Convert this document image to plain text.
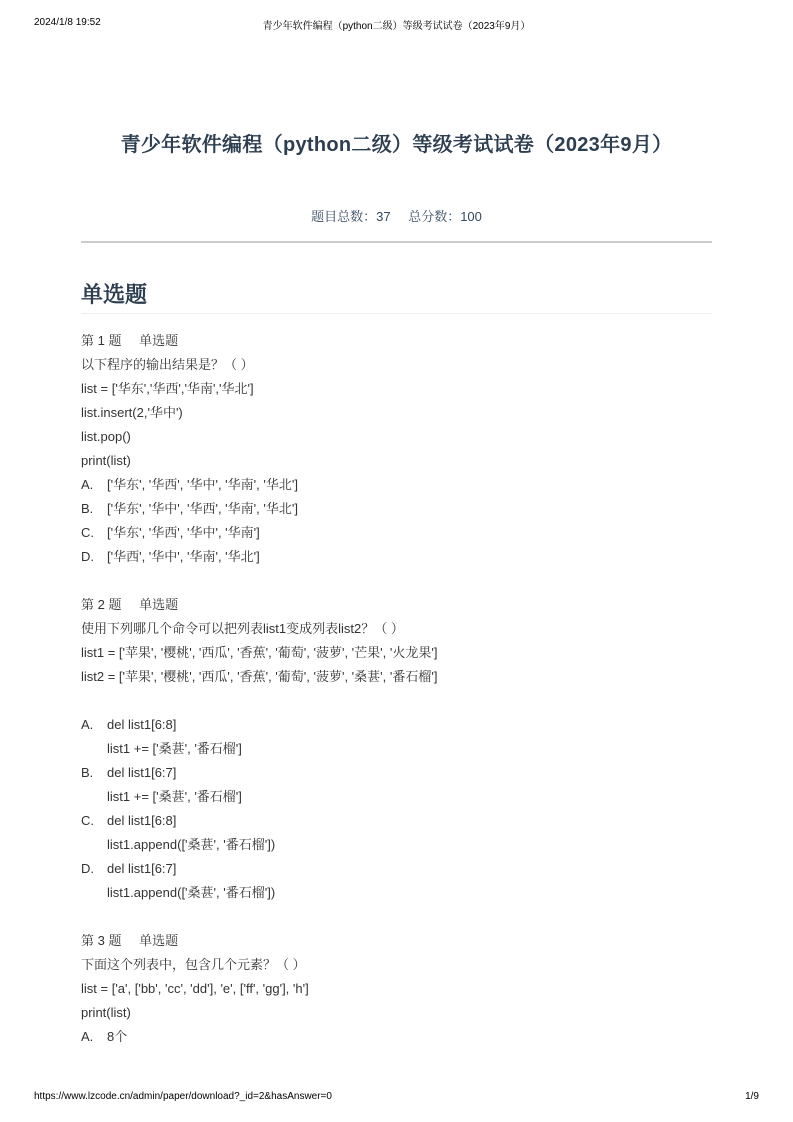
2024/1/8 19:52	青少年软件编程（python二级）等级考试试卷（2023年9月）
青少年软件编程（python二级）等级考试试卷（2023年9月）
题目总数：37 总分数：100
单选题
第 1 题 单选题
以下程序的输出结果是？（ ）
list = ['华东','华西','华南','华北']
list.insert(2,'华中')
list.pop()
print(list)
A.	['华东', '华西', '华中', '华南', '华北']
B.	['华东', '华中', '华西', '华南', '华北']
C.	['华东', '华西', '华中', '华南']
D.	['华西', '华中', '华南', '华北']
第 2 题 单选题
使用下列哪几个命令可以把列表list1变成列表list2？（ ）
list1 = ['苹果', '樱桃', '西瓜', '香蕉', '葡萄', '菠萝', '芒果', '火龙果']
list2 = ['苹果', '樱桃', '西瓜', '香蕉', '葡萄', '菠萝', '桑葚', '番石榴']
A.	del list1[6:8]
list1 += ['桑葚', '番石榴']
B.	del list1[6:7]
list1 += ['桑葚', '番石榴']
C.	del list1[6:8]
list1.append(['桑葚', '番石榴'])
D.	del list1[6:7]
list1.append(['桑葚', '番石榴'])
第 3 题 单选题
下面这个列表中，包含几个元素？（ ）
list = ['a', ['bb', 'cc', 'dd'], 'e', ['ff', 'gg'], 'h']
print(list)
A.	8个
https://www.lzcode.cn/admin/paper/download?_id=2&hasAnswer=0	1/9
